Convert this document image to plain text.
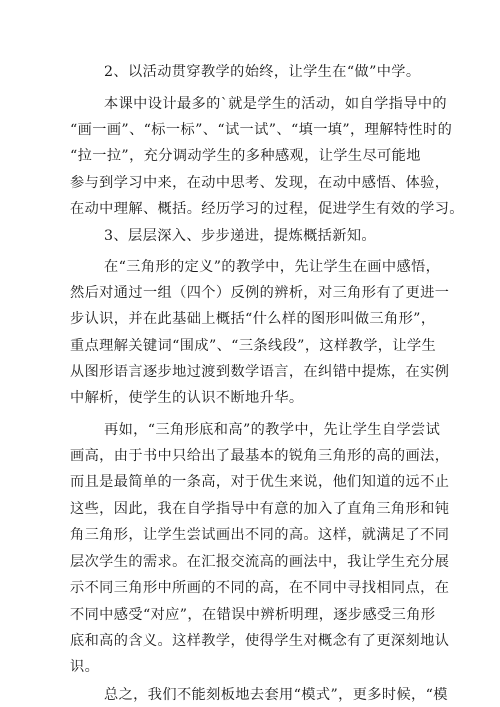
2、以活动贯穿教学的始终，让学生在“做”中学。
本课中设计最多的`就是学生的活动，如自学指导中的
“画一画”、“标一标”、“试一试”、“填一填”，理解特性时的
“拉一拉”，充分调动学生的多种感观，让学生尽可能地
参与到学习中来，在动中思考、发现，在动中感悟、体验，
在动中理解、概括。经历学习的过程，促进学生有效的学习。
3、层层深入、步步递进，提炼概括新知。
在“三角形的定义”的教学中，先让学生在画中感悟，
然后对通过一组（四个）反例的辨析，对三角形有了更进一
步认识，并在此基础上概括“什么样的图形叫做三角形”，
重点理解关键词“围成”、“三条线段”，这样教学，让学生
从图形语言逐步地过渡到数学语言，在纠错中提炼，在实例
中解析，使学生的认识不断地升华。
再如，“三角形底和高”的教学中，先让学生自学尝试
画高，由于书中只给出了最基本的锐角三角形的高的画法，
而且是最简单的一条高，对于优生来说，他们知道的远不止
这些，因此，我在自学指导中有意的加入了直角三角形和钝
角三角形，让学生尝试画出不同的高。这样，就满足了不同
层次学生的需求。在汇报交流高的画法中，我让学生充分展
示不同三角形中所画的不同的高，在不同中寻找相同点，在
不同中感受“对应”，在错误中辨析明理，逐步感受三角形
底和高的含义。这样教学，使得学生对概念有了更深刻地认
识。
总之，我们不能刻板地去套用“模式”，更多时候，“模
